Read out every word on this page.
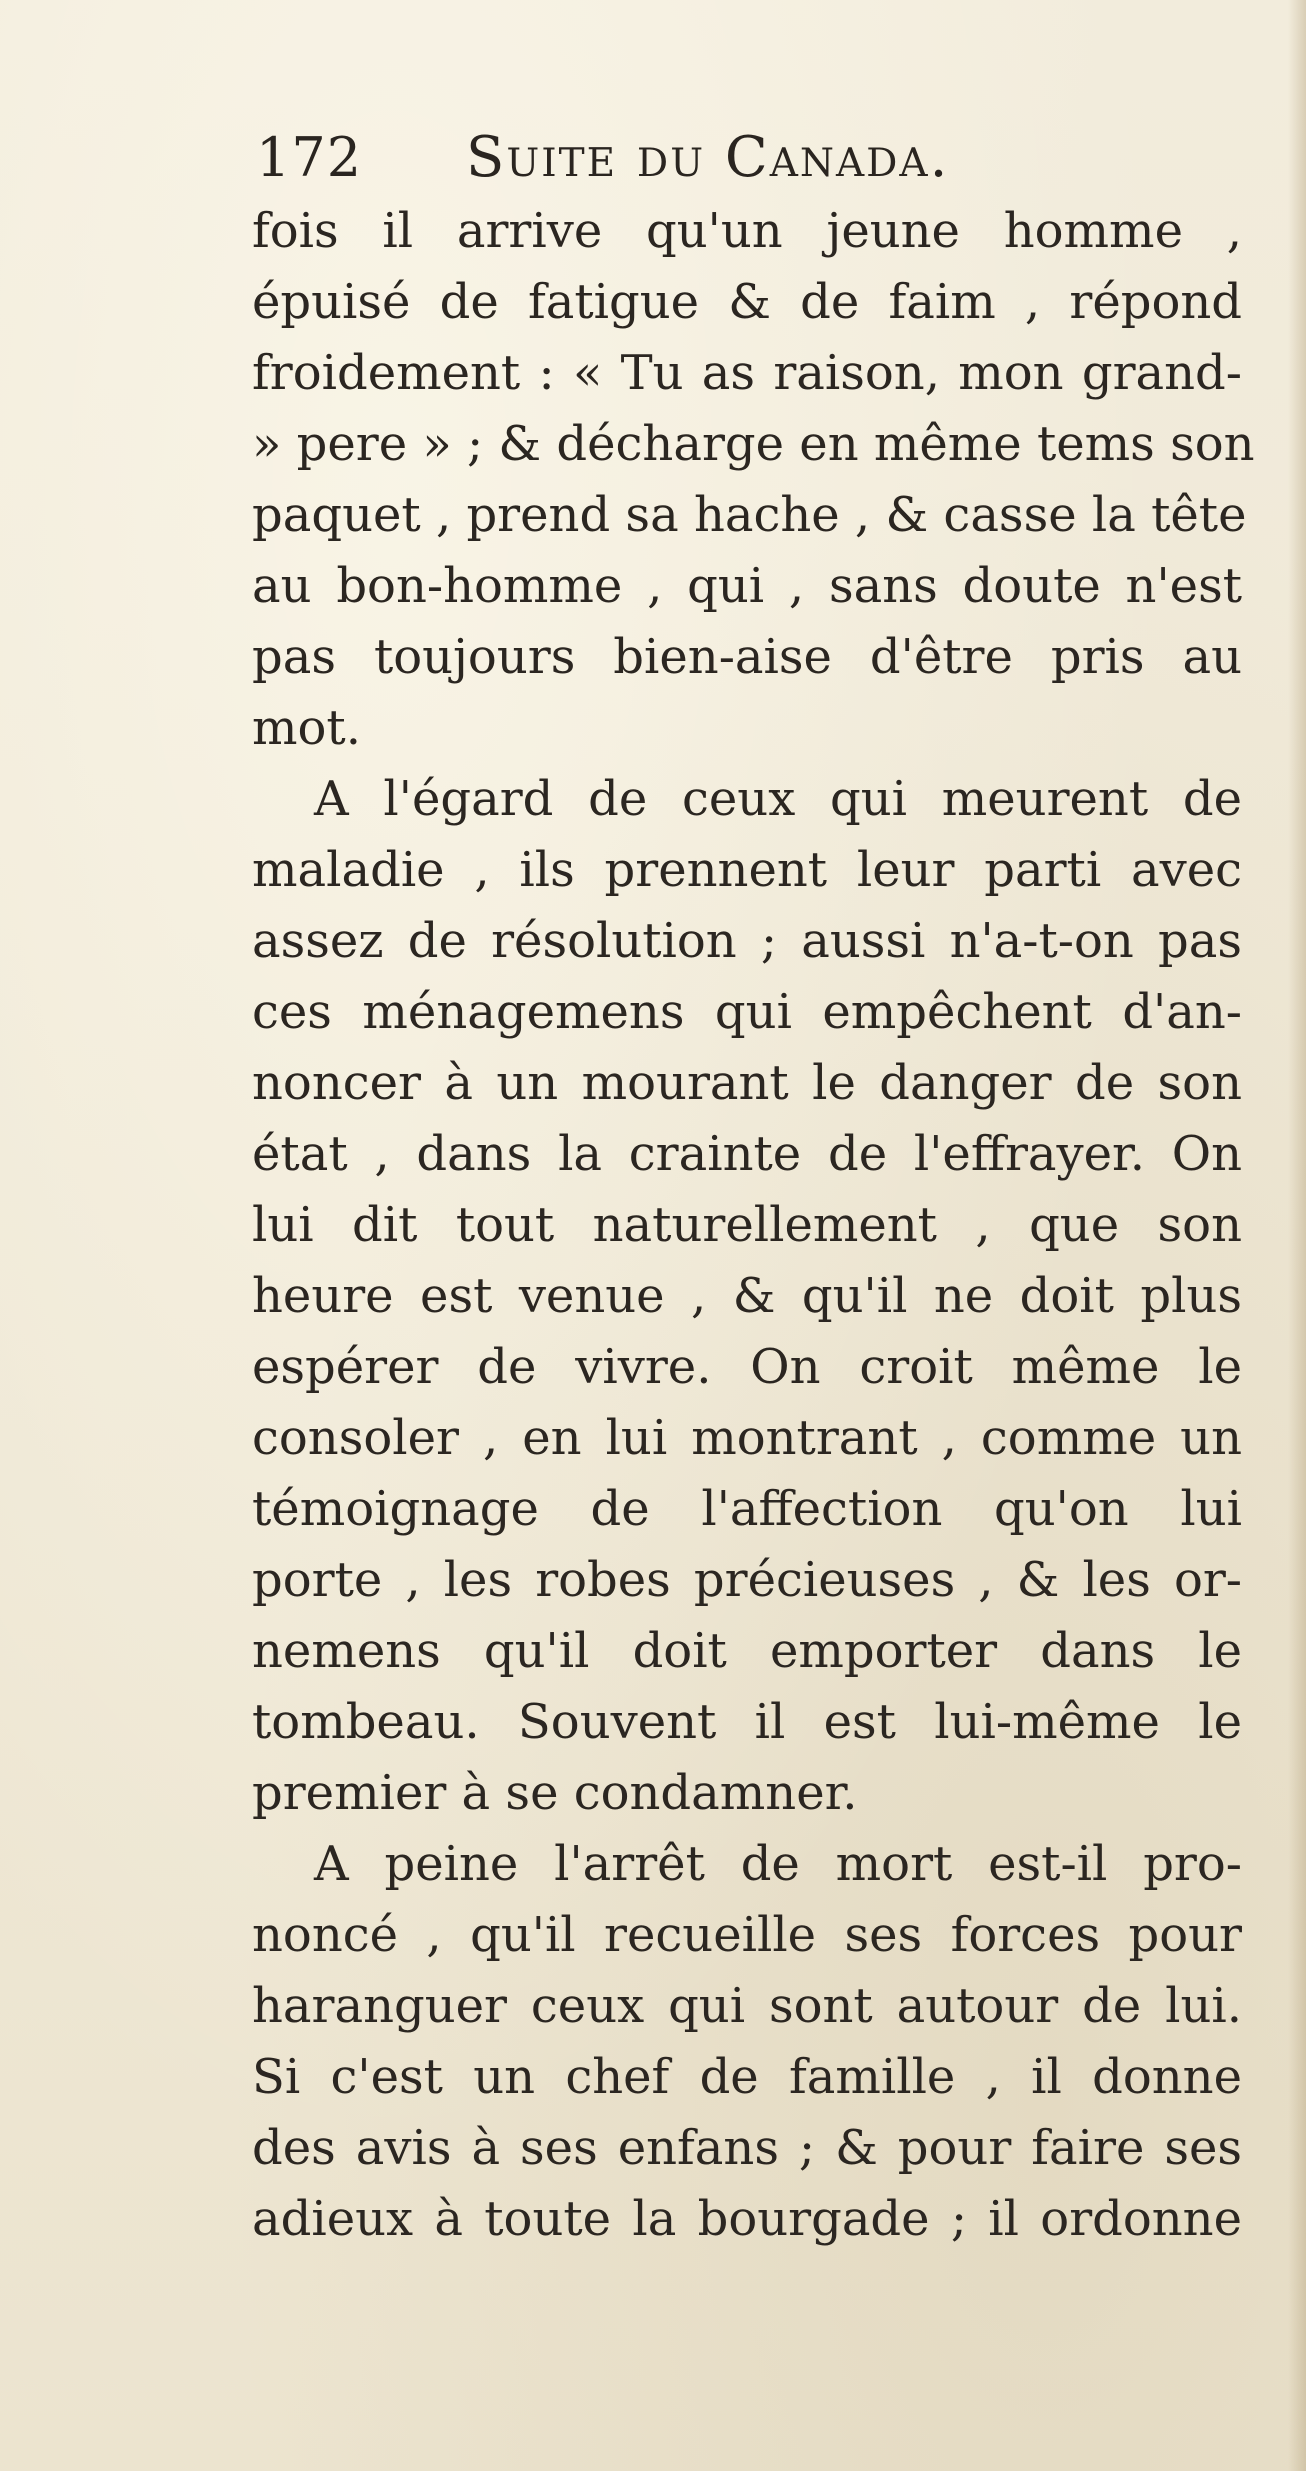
172 Suite du Canada.
fois il arrive qu'un jeune homme ,
épuisé de fatigue & de faim , répond
froidement : « Tu as raison, mon grand-
» pere » ; & décharge en même tems son
paquet , prend sa hache , & casse la tête
au bon-homme , qui , sans doute n'est
pas toujours bien-aise d'être pris au
mot.
A l'égard de ceux qui meurent de
maladie , ils prennent leur parti avec
assez de résolution ; aussi n'a-t-on pas
ces ménagemens qui empêchent d'an-
noncer à un mourant le danger de son
état , dans la crainte de l'effrayer. On
lui dit tout naturellement , que son
heure est venue , & qu'il ne doit plus
espérer de vivre. On croit même le
consoler , en lui montrant , comme un
témoignage de l'affection qu'on lui
porte , les robes précieuses , & les or-
nemens qu'il doit emporter dans le
tombeau. Souvent il est lui-même le
premier à se condamner.
A peine l'arrêt de mort est-il pro-
noncé , qu'il recueille ses forces pour
haranguer ceux qui sont autour de lui.
Si c'est un chef de famille , il donne
des avis à ses enfans ; & pour faire ses
adieux à toute la bourgade ; il ordonne
